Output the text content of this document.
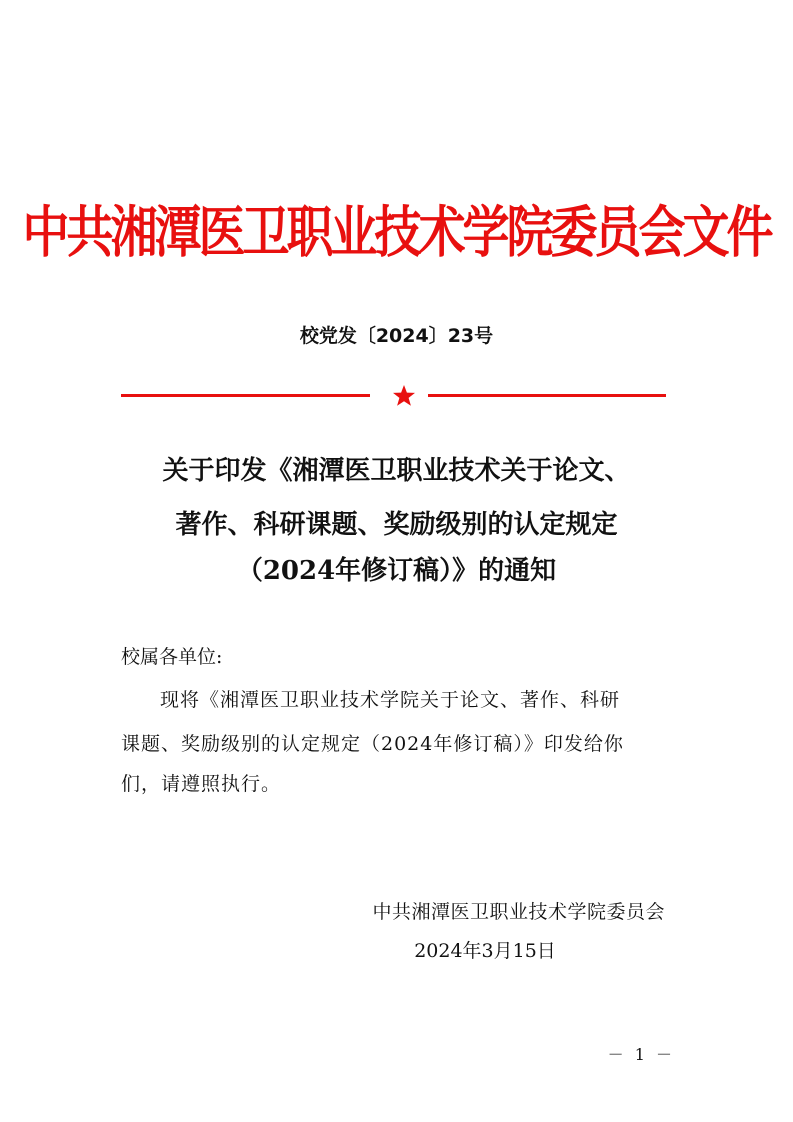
中共湘潭医卫职业技术学院委员会文件
校党发〔2024〕23号
关于印发《湘潭医卫职业技术关于论文、
著作、科研课题、奖励级别的认定规定
（2024年修订稿）》的通知
校属各单位:
现将《湘潭医卫职业技术学院关于论文、著作、科研
课题、奖励级别的认定规定（2024年修订稿）》印发给你
们，请遵照执行。
中共湘潭医卫职业技术学院委员会
2024年3月15日
－ 1 －
